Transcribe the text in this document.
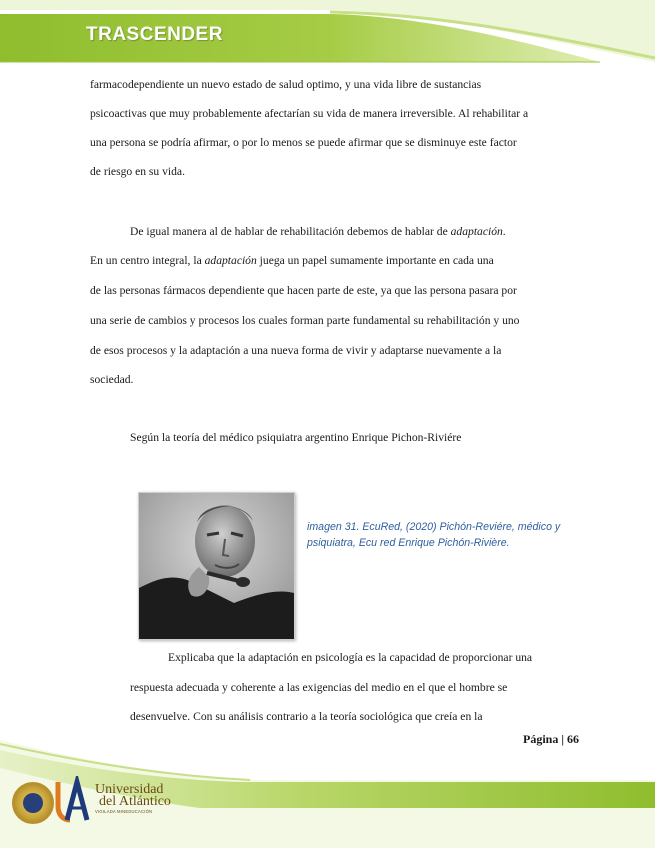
TRASCENDER
farmacodependiente un nuevo estado de salud optimo, y una vida libre de sustancias
psicoactivas que muy probablemente afectarían su vida de manera irreversible. Al rehabilitar a
una persona se podría afirmar, o por lo menos se puede afirmar que se disminuye este factor
de riesgo en su vida.
De igual manera al de hablar de rehabilitación debemos de hablar de adaptación.
En un centro integral, la adaptación juega un papel sumamente importante en cada una
de las personas fármacos dependiente que hacen parte de este, ya que las persona pasara por
una serie de cambios y procesos los cuales forman parte fundamental su rehabilitación y uno
de esos procesos y la adaptación a una nueva forma de vivir y adaptarse nuevamente a la
sociedad.
Según la teoría del médico psiquiatra argentino Enrique Pichon-Riviére
imagen 31. EcuRed, (2020) Pichón-Reviére, médico y
psiquiatra, Ecu red Enrique Pichón-Rivière.
Explicaba que la adaptación en psicología es la capacidad de proporcionar una
respuesta adecuada y coherente a las exigencias del medio en el que el hombre se
desenvuelve. Con su análisis contrario a la teoría sociológica que creía en la
Página | 66
Universidad
del Atlántico
VIGILADA MINEDUCACIÓN
